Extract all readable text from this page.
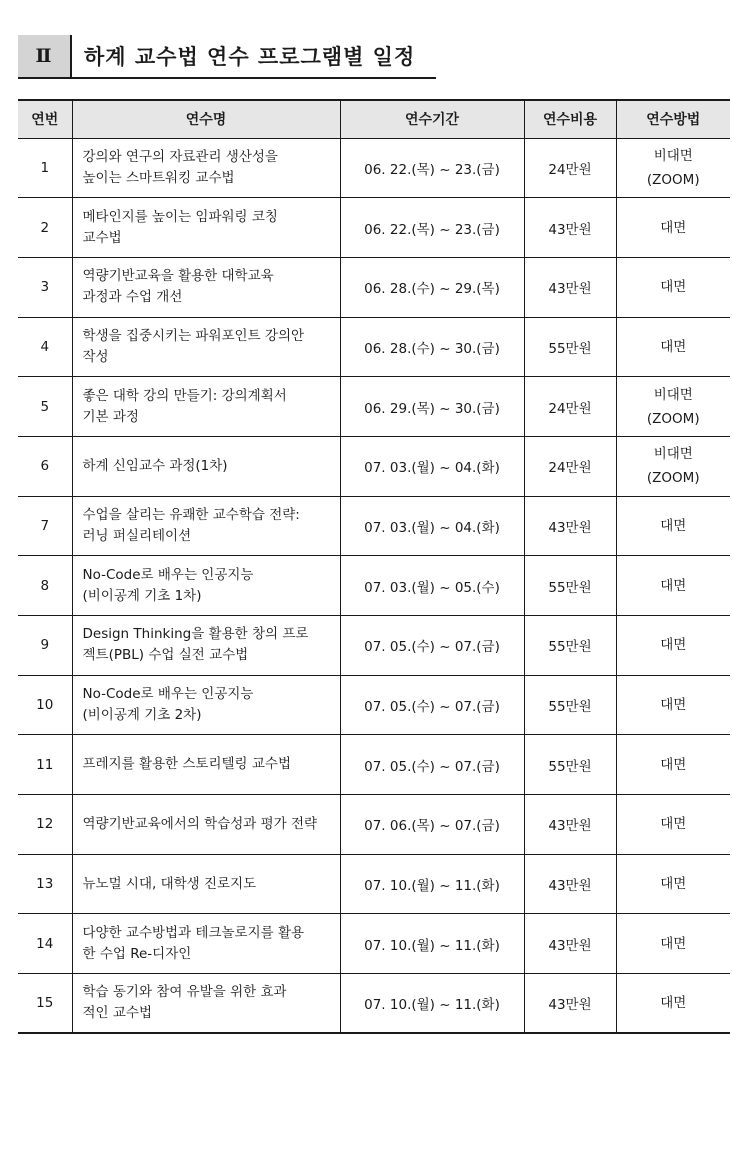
Ⅱ	하계 교수법 연수 프로그램별 일정
연번	연수명	연수기간	연수비용	연수방법
1	강의와 연구의 자료관리 생산성을
높이는 스마트워킹 교수법	06. 22.(목) ~ 23.(금)	24만원	비대면
(ZOOM)

2	메타인지를 높이는 임파워링 코칭
교수법	06. 22.(목) ~ 23.(금)	43만원	대면

3	역량기반교육을 활용한 대학교육
과정과 수업 개선	06. 28.(수) ~ 29.(목)	43만원	대면

4	학생을 집중시키는 파워포인트 강의안 작성	06. 28.(수) ~ 30.(금)	55만원	대면

5	좋은 대학 강의 만들기: 강의계획서
기본 과정	06. 29.(목) ~ 30.(금)	24만원	비대면
(ZOOM)

6	하계 신임교수 과정(1차)	07. 03.(월) ~ 04.(화)	24만원	비대면
(ZOOM)

7	수업을 살리는 유쾌한 교수학습 전략:
러닝 퍼실리테이션	07. 03.(월) ~ 04.(화)	43만원	대면

8	No-Code로 배우는 인공지능
(비이공계 기초 1차)	07. 03.(월) ~ 05.(수)	55만원	대면

9	Design Thinking을 활용한 창의 프로
젝트(PBL) 수업 실전 교수법	07. 05.(수) ~ 07.(금)	55만원	대면

10	No-Code로 배우는 인공지능
(비이공계 기초 2차)	07. 05.(수) ~ 07.(금)	55만원	대면

11	프레지를 활용한 스토리텔링 교수법	07. 05.(수) ~ 07.(금)	55만원	대면

12	역량기반교육에서의 학습성과 평가 전략	07. 06.(목) ~ 07.(금)	43만원	대면

13	뉴노멀 시대, 대학생 진로지도	07. 10.(월) ~ 11.(화)	43만원	대면

14	다양한 교수방법과 테크놀로지를 활용
한 수업 Re-디자인	07. 10.(월) ~ 11.(화)	43만원	대면

15	학습 동기와 참여 유발을 위한 효과
적인 교수법	07. 10.(월) ~ 11.(화)	43만원	대면
